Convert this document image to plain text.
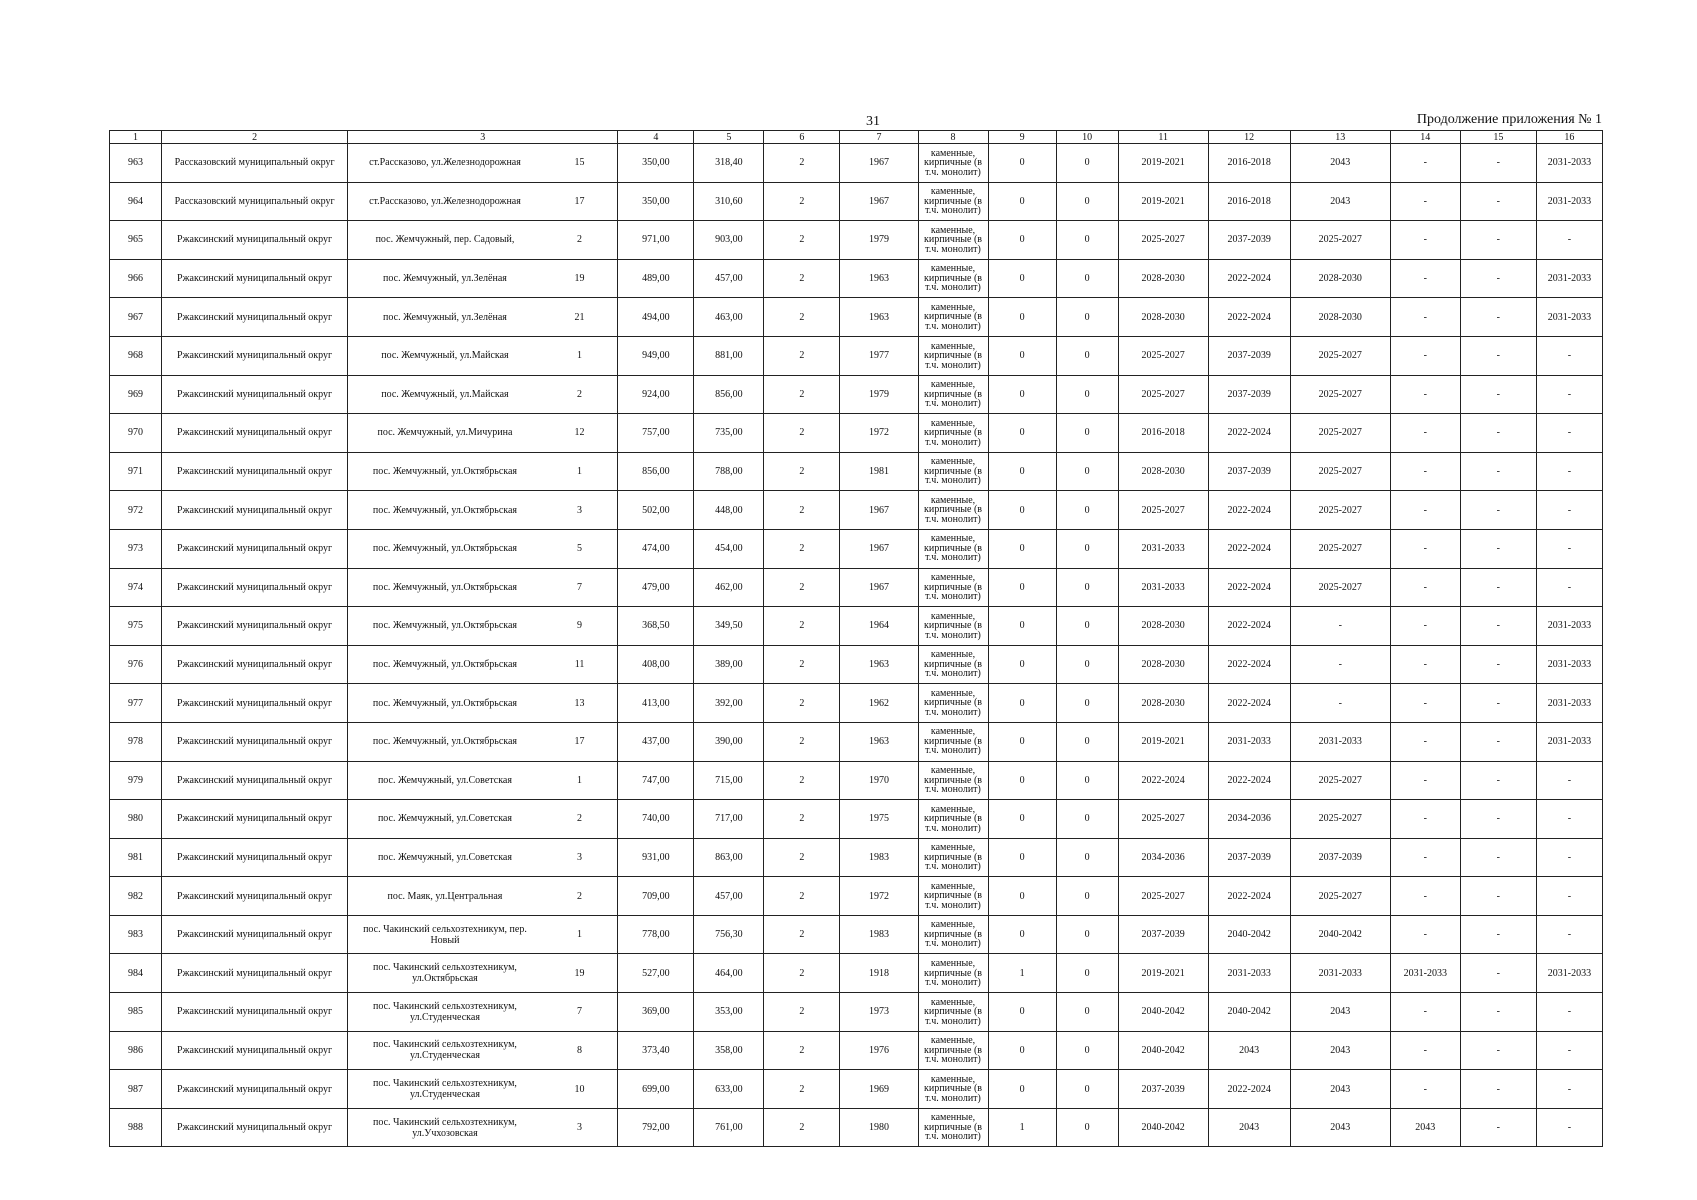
31	Продолжение приложения № 1
1	2	3		4	5	6	7	8	9	10	11	12	13	14	15	16
963	Рассказовский муниципальный округ	ст.Рассказово, ул.Железнодорожная	15	350,00	318,40	2	1967	каменные, кирпичные (в т.ч. монолит)	0	0	2019-2021	2016-2018	2043	-	-	2031-2033
964	Рассказовский муниципальный округ	ст.Рассказово, ул.Железнодорожная	17	350,00	310,60	2	1967	каменные, кирпичные (в т.ч. монолит)	0	0	2019-2021	2016-2018	2043	-	-	2031-2033
965	Ржаксинский муниципальный округ	пос. Жемчужный, пер. Садовый,	2	971,00	903,00	2	1979	каменные, кирпичные (в т.ч. монолит)	0	0	2025-2027	2037-2039	2025-2027	-	-	-
966	Ржаксинский муниципальный округ	пос. Жемчужный, ул.Зелёная	19	489,00	457,00	2	1963	каменные, кирпичные (в т.ч. монолит)	0	0	2028-2030	2022-2024	2028-2030	-	-	2031-2033
967	Ржаксинский муниципальный округ	пос. Жемчужный, ул.Зелёная	21	494,00	463,00	2	1963	каменные, кирпичные (в т.ч. монолит)	0	0	2028-2030	2022-2024	2028-2030	-	-	2031-2033
968	Ржаксинский муниципальный округ	пос. Жемчужный, ул.Майская	1	949,00	881,00	2	1977	каменные, кирпичные (в т.ч. монолит)	0	0	2025-2027	2037-2039	2025-2027	-	-	-
969	Ржаксинский муниципальный округ	пос. Жемчужный, ул.Майская	2	924,00	856,00	2	1979	каменные, кирпичные (в т.ч. монолит)	0	0	2025-2027	2037-2039	2025-2027	-	-	-
970	Ржаксинский муниципальный округ	пос. Жемчужный, ул.Мичурина	12	757,00	735,00	2	1972	каменные, кирпичные (в т.ч. монолит)	0	0	2016-2018	2022-2024	2025-2027	-	-	-
971	Ржаксинский муниципальный округ	пос. Жемчужный, ул.Октябрьская	1	856,00	788,00	2	1981	каменные, кирпичные (в т.ч. монолит)	0	0	2028-2030	2037-2039	2025-2027	-	-	-
972	Ржаксинский муниципальный округ	пос. Жемчужный, ул.Октябрьская	3	502,00	448,00	2	1967	каменные, кирпичные (в т.ч. монолит)	0	0	2025-2027	2022-2024	2025-2027	-	-	-
973	Ржаксинский муниципальный округ	пос. Жемчужный, ул.Октябрьская	5	474,00	454,00	2	1967	каменные, кирпичные (в т.ч. монолит)	0	0	2031-2033	2022-2024	2025-2027	-	-	-
974	Ржаксинский муниципальный округ	пос. Жемчужный, ул.Октябрьская	7	479,00	462,00	2	1967	каменные, кирпичные (в т.ч. монолит)	0	0	2031-2033	2022-2024	2025-2027	-	-	-
975	Ржаксинский муниципальный округ	пос. Жемчужный, ул.Октябрьская	9	368,50	349,50	2	1964	каменные, кирпичные (в т.ч. монолит)	0	0	2028-2030	2022-2024	-	-	-	2031-2033
976	Ржаксинский муниципальный округ	пос. Жемчужный, ул.Октябрьская	11	408,00	389,00	2	1963	каменные, кирпичные (в т.ч. монолит)	0	0	2028-2030	2022-2024	-	-	-	2031-2033
977	Ржаксинский муниципальный округ	пос. Жемчужный, ул.Октябрьская	13	413,00	392,00	2	1962	каменные, кирпичные (в т.ч. монолит)	0	0	2028-2030	2022-2024	-	-	-	2031-2033
978	Ржаксинский муниципальный округ	пос. Жемчужный, ул.Октябрьская	17	437,00	390,00	2	1963	каменные, кирпичные (в т.ч. монолит)	0	0	2019-2021	2031-2033	2031-2033	-	-	2031-2033
979	Ржаксинский муниципальный округ	пос. Жемчужный, ул.Советская	1	747,00	715,00	2	1970	каменные, кирпичные (в т.ч. монолит)	0	0	2022-2024	2022-2024	2025-2027	-	-	-
980	Ржаксинский муниципальный округ	пос. Жемчужный, ул.Советская	2	740,00	717,00	2	1975	каменные, кирпичные (в т.ч. монолит)	0	0	2025-2027	2034-2036	2025-2027	-	-	-
981	Ржаксинский муниципальный округ	пос. Жемчужный, ул.Советская	3	931,00	863,00	2	1983	каменные, кирпичные (в т.ч. монолит)	0	0	2034-2036	2037-2039	2037-2039	-	-	-
982	Ржаксинский муниципальный округ	пос. Маяк, ул.Центральная	2	709,00	457,00	2	1972	каменные, кирпичные (в т.ч. монолит)	0	0	2025-2027	2022-2024	2025-2027	-	-	-
983	Ржаксинский муниципальный округ	пос. Чакинский сельхозтехникум, пер. Новый	1	778,00	756,30	2	1983	каменные, кирпичные (в т.ч. монолит)	0	0	2037-2039	2040-2042	2040-2042	-	-	-
984	Ржаксинский муниципальный округ	пос. Чакинский сельхозтехникум, ул.Октябрьская	19	527,00	464,00	2	1918	каменные, кирпичные (в т.ч. монолит)	1	0	2019-2021	2031-2033	2031-2033	2031-2033	-	2031-2033
985	Ржаксинский муниципальный округ	пос. Чакинский сельхозтехникум, ул.Студенческая	7	369,00	353,00	2	1973	каменные, кирпичные (в т.ч. монолит)	0	0	2040-2042	2040-2042	2043	-	-	-
986	Ржаксинский муниципальный округ	пос. Чакинский сельхозтехникум, ул.Студенческая	8	373,40	358,00	2	1976	каменные, кирпичные (в т.ч. монолит)	0	0	2040-2042	2043	2043	-	-	-
987	Ржаксинский муниципальный округ	пос. Чакинский сельхозтехникум, ул.Студенческая	10	699,00	633,00	2	1969	каменные, кирпичные (в т.ч. монолит)	0	0	2037-2039	2022-2024	2043	-	-	-
988	Ржаксинский муниципальный округ	пос. Чакинский сельхозтехникум, ул.Учхозовская	3	792,00	761,00	2	1980	каменные, кирпичные (в т.ч. монолит)	1	0	2040-2042	2043	2043	2043	-	-
